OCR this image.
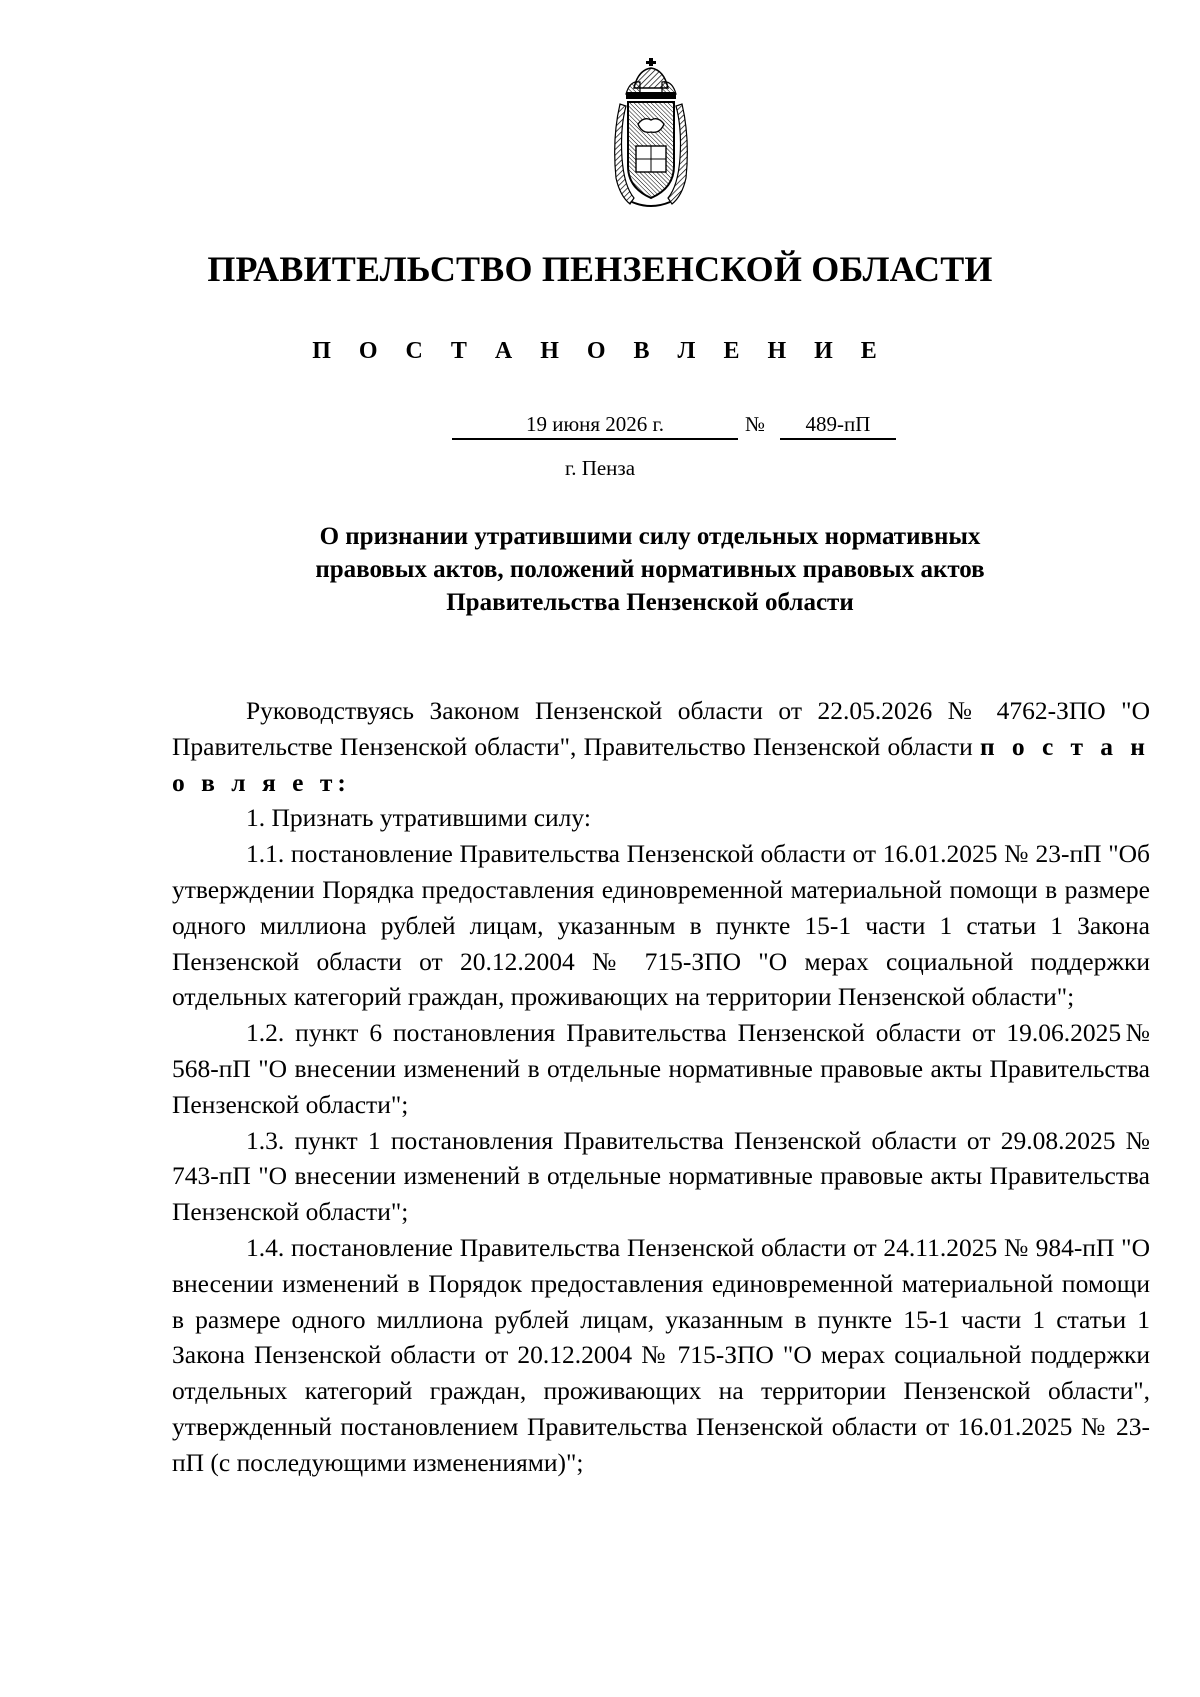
ПРАВИТЕЛЬСТВО ПЕНЗЕНСКОЙ ОБЛАСТИ
П О С Т А Н О В Л Е Н И Е
19 июня 2026 г.	№	489-пП
г. Пенза
О признании утратившими силу отдельных нормативных
правовых актов, положений нормативных правовых актов
Правительства Пензенской области

Руководствуясь Законом Пензенской области от 22.05.2026 № 4762-ЗПО "О Правительстве Пензенской области", Правительство Пензенской области п о с т а н о в л я е т:

1. Признать утратившими силу:

1.1. постановление Правительства Пензенской области от 16.01.2025 № 23-пП "Об утверждении Порядка предоставления единовременной материальной помощи в размере одного миллиона рублей лицам, указанным в пункте 15-1 части 1 статьи 1 Закона Пензенской области от 20.12.2004 № 715-ЗПО "О мерах социальной поддержки отдельных категорий граждан, проживающих на территории Пензенской области";

1.2. пункт 6 постановления Правительства Пензенской области от 19.06.2025№ 568-пП "О внесении изменений в отдельные нормативные правовые акты Правительства Пензенской области";

1.3. пункт 1 постановления Правительства Пензенской области от 29.08.2025 № 743-пП "О внесении изменений в отдельные нормативные правовые акты Правительства Пензенской области";

1.4. постановление Правительства Пензенской области от 24.11.2025 № 984-пП "О внесении изменений в Порядок предоставления единовременной материальной помощи в размере одного миллиона рублей лицам, указанным в пункте 15-1 части 1 статьи 1 Закона Пензенской области от 20.12.2004 № 715-ЗПО "О мерах социальной поддержки отдельных категорий граждан, проживающих на территории Пензенской области", утвержденный постановлением Правительства Пензенской области от 16.01.2025 № 23-пП (с последующими изменениями)";
